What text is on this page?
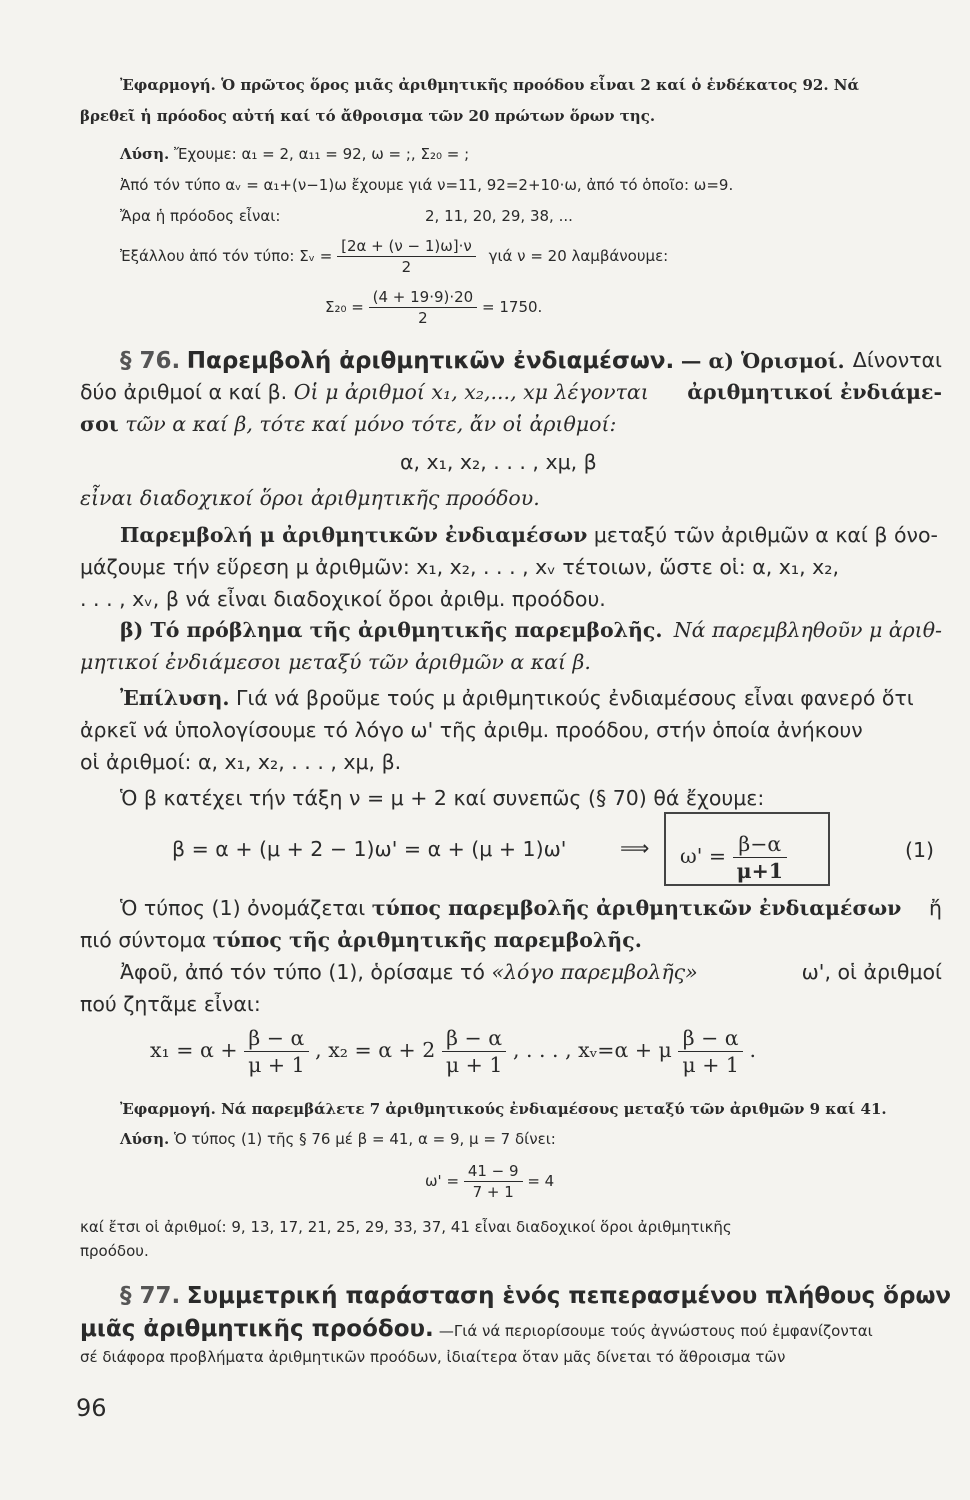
Ἐφαρμογή. Ὁ πρῶτος ὅρος μιᾶς ἀριθμητικῆς προόδου εἶναι 2 καί ὁ ἑνδέκατος 92. Νά
βρεθεῖ ἡ πρόοδος αὐτή καί τό ἄθροισμα τῶν 20 πρώτων ὅρων της.
Λύση. Ἔχουμε: α₁ = 2, α₁₁ = 92, ω = ;, Σ₂₀ = ;
Ἀπό τόν τύπο αᵥ = α₁+(ν−1)ω ἔχουμε γιά ν=11, 92=2+10·ω, ἀπό τό ὁποῖο: ω=9.
Ἄρα ἡ πρόοδος εἶναι:	2, 11, 20, 29, 38, ...
Ἐξάλλου ἀπό τόν τύπο: Σᵥ = $\frac{[2\alpha + (\nu - 1)\omega]\cdot\nu}{2}$ γιά ν = 20 λαμβάνουμε:
$\Sigma_{20} = \frac{(4 + 19\cdot 9)\cdot 20}{2} = 1750$.
§ 76. Παρεμβολή ἀριθμητικῶν ἐνδιαμέσων. — α) Ὁρισμοί. Δίνονται
δύο ἀριθμοί α καί β. Οἱ μ ἀριθμοί x₁, x₂,..., xμ λέγονται ἀριθμητικοί ἐνδιάμε-
σοι τῶν α καί β, τότε καί μόνο τότε, ἄν οἱ ἀριθμοί:
α, x₁, x₂, . . . , xμ, β
εἶναι διαδοχικοί ὅροι ἀριθμητικῆς προόδου.
Παρεμβολή μ ἀριθμητικῶν ἐνδιαμέσων μεταξύ τῶν ἀριθμῶν α καί β όνο-
μάζουμε τήν εὕρεση μ ἀριθμῶν: x₁, x₂, . . . , xᵥ τέτοιων, ὥστε οἱ: α, x₁, x₂,
. . . , xᵥ, β νά εἶναι διαδοχικοί ὅροι ἀριθμ. προόδου.
β) Τό πρόβλημα τῆς ἀριθμητικῆς παρεμβολῆς. Νά παρεμβληθοῦν μ ἀριθ-
μητικοί ἐνδιάμεσοι μεταξύ τῶν ἀριθμῶν α καί β.
Ἐπίλυση. Γιά νά βροῦμε τούς μ ἀριθμητικούς ἐνδιαμέσους εἶναι φανερό ὅτι
ἀρκεῖ νά ὑπολογίσουμε τό λόγο ω' τῆς ἀριθμ. προόδου, στήν ὁποία ἀνήκουν
οἱ ἀριθμοί: α, x₁, x₂, . . . , xμ, β.
Ὁ β κατέχει τήν τάξη ν = μ + 2 καί συνεπῶς (§ 70) θά ἔχουμε:
β = α + (μ + 2 − 1)ω' = α + (μ + 1)ω'	⟹ $\omega' = \frac{\beta-\alpha}{\mu+1}$	(1)
Ὁ τύπος (1) ὀνομάζεται τύπος παρεμβολῆς ἀριθμητικῶν ἐνδιαμέσων ἤ
πιό σύντομα τύπος τῆς ἀριθμητικῆς παρεμβολῆς.
Ἀφοῦ, ἀπό τόν τύπο (1), ὁρίσαμε τό «λόγο παρεμβολῆς»	ω', οἱ ἀριθμοί
πού ζητᾶμε εἶναι:
$x_1 = \alpha + \frac{\beta - \alpha}{\mu + 1}$ , $x_2 = \alpha + 2 \frac{\beta - \alpha}{\mu + 1}$ , . . . , xᵥ=α + μ $\frac{\beta - \alpha}{\mu + 1}$ .
Ἐφαρμογή. Νά παρεμβάλετε 7 ἀριθμητικούς ἐνδιαμέσους μεταξύ τῶν ἀριθμῶν 9 καί 41.
Λύση. Ὁ τύπος (1) τῆς § 76 μέ β = 41, α = 9, μ = 7 δίνει:
$\omega' = \frac{41 - 9}{7 + 1} = 4$
καί ἔτσι οἱ ἀριθμοί: 9, 13, 17, 21, 25, 29, 33, 37, 41 εἶναι διαδοχικοί ὅροι ἀριθμητικῆς
προόδου.
§ 77. Συμμετρική παράσταση ἑνός πεπερασμένου πλήθους ὅρων
μιᾶς ἀριθμητικῆς προόδου. —Γιά νά περιορίσουμε τούς ἀγνώστους πού ἐμφανίζονται
σέ διάφορα προβλήματα ἀριθμητικῶν προόδων, ἰδιαίτερα ὅταν μᾶς δίνεται τό ἄθροισμα τῶν
96
